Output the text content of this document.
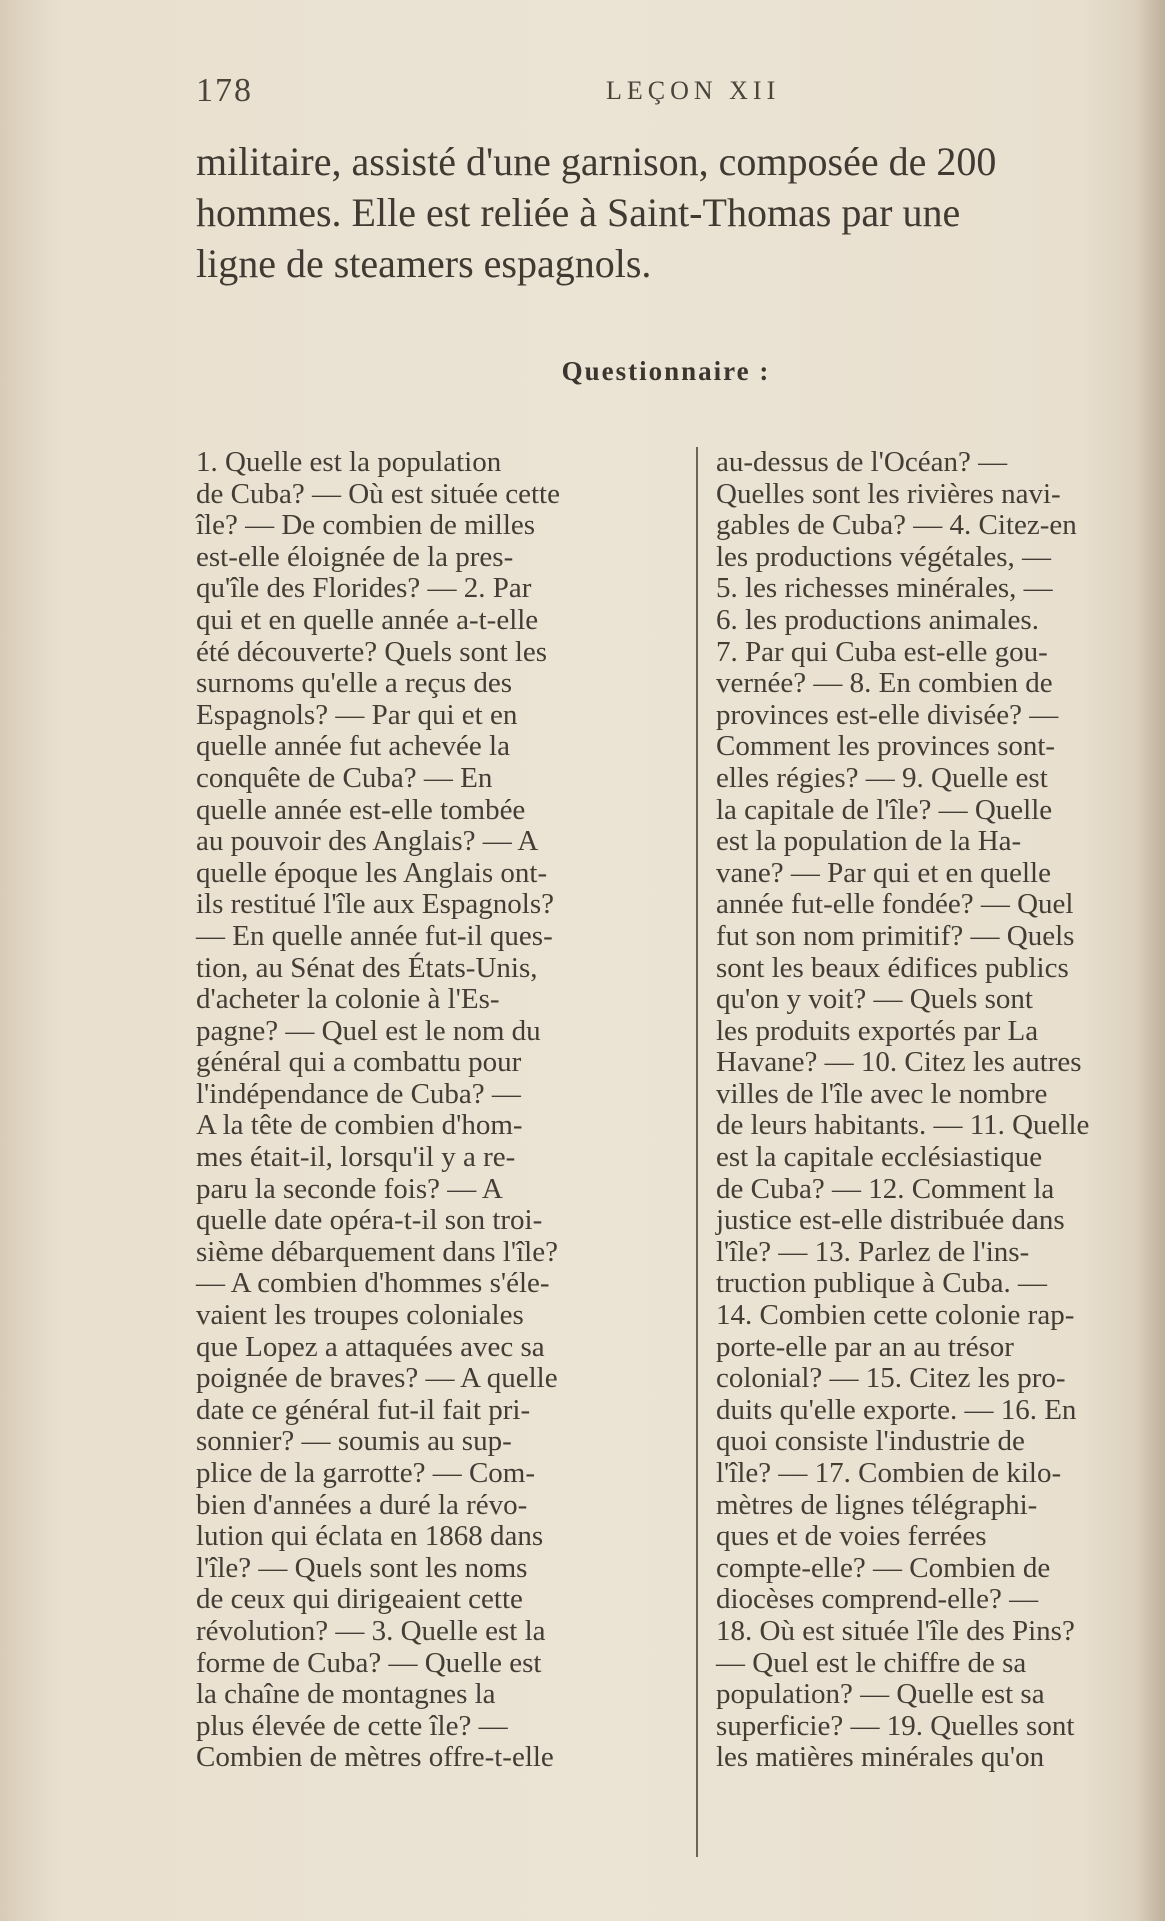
178	LEÇON XII
militaire, assisté d'une garnison, composée de 200
hommes. Elle est reliée à Saint-Thomas par une
ligne de steamers espagnols.
Questionnaire :
1. Quelle est la population
de Cuba? — Où est située cette
île? — De combien de milles
est-elle éloignée de la pres-
qu'île des Florides? — 2. Par
qui et en quelle année a-t-elle
été découverte? Quels sont les
surnoms qu'elle a reçus des
Espagnols? — Par qui et en
quelle année fut achevée la
conquête de Cuba? — En
quelle année est-elle tombée
au pouvoir des Anglais? — A
quelle époque les Anglais ont-
ils restitué l'île aux Espagnols?
— En quelle année fut-il ques-
tion, au Sénat des États-Unis,
d'acheter la colonie à l'Es-
pagne? — Quel est le nom du
général qui a combattu pour
l'indépendance de Cuba? —
A la tête de combien d'hom-
mes était-il, lorsqu'il y a re-
paru la seconde fois? — A
quelle date opéra-t-il son troi-
sième débarquement dans l'île?
— A combien d'hommes s'éle-
vaient les troupes coloniales
que Lopez a attaquées avec sa
poignée de braves? — A quelle
date ce général fut-il fait pri-
sonnier? — soumis au sup-
plice de la garrotte? — Com-
bien d'années a duré la révo-
lution qui éclata en 1868 dans
l'île? — Quels sont les noms
de ceux qui dirigeaient cette
révolution? — 3. Quelle est la
forme de Cuba? — Quelle est
la chaîne de montagnes la
plus élevée de cette île? —
Combien de mètres offre-t-elle
au-dessus de l'Océan? —
Quelles sont les rivières navi-
gables de Cuba? — 4. Citez-en
les productions végétales, —
5. les richesses minérales, —
6. les productions animales.
7. Par qui Cuba est-elle gou-
vernée? — 8. En combien de
provinces est-elle divisée? —
Comment les provinces sont-
elles régies? — 9. Quelle est
la capitale de l'île? — Quelle
est la population de la Ha-
vane? — Par qui et en quelle
année fut-elle fondée? — Quel
fut son nom primitif? — Quels
sont les beaux édifices publics
qu'on y voit? — Quels sont
les produits exportés par La
Havane? — 10. Citez les autres
villes de l'île avec le nombre
de leurs habitants. — 11. Quelle
est la capitale ecclésiastique
de Cuba? — 12. Comment la
justice est-elle distribuée dans
l'île? — 13. Parlez de l'ins-
truction publique à Cuba. —
14. Combien cette colonie rap-
porte-elle par an au trésor
colonial? — 15. Citez les pro-
duits qu'elle exporte. — 16. En
quoi consiste l'industrie de
l'île? — 17. Combien de kilo-
mètres de lignes télégraphi-
ques et de voies ferrées
compte-elle? — Combien de
diocèses comprend-elle? —
18. Où est située l'île des Pins?
— Quel est le chiffre de sa
population? — Quelle est sa
superficie? — 19. Quelles sont
les matières minérales qu'on
